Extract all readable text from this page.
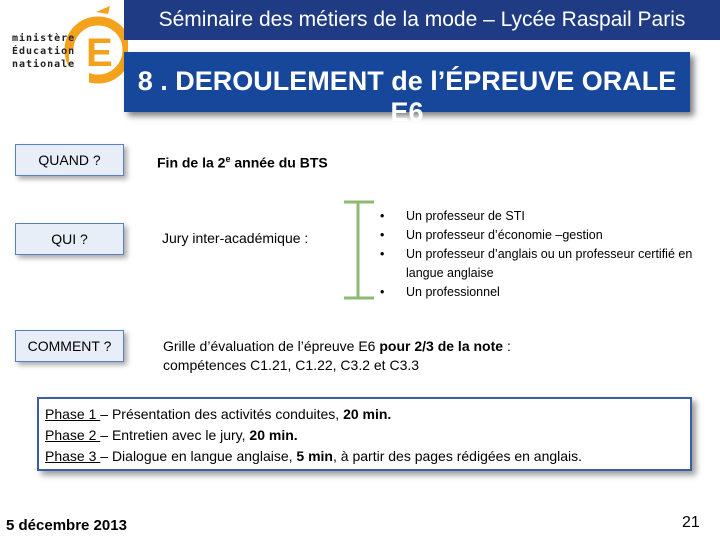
E
ministère
Éducation
nationale
Séminaire des métiers de la mode – Lycée Raspail Paris
8 . DEROULEMENT de l’ÉPREUVE ORALE E6
QUAND ?	Fin de la 2e année du BTS
QUI ?	Jury inter-académique :
• Un professeur de STI
• Un professeur d’économie –gestion
• Un professeur d’anglais ou un professeur certifié en langue anglaise
• Un professionnel
COMMENT ?	Grille d’évaluation de l’épreuve E6 pour 2/3 de la note :
compétences C1.21, C1.22, C3.2 et C3.3
Phase 1 – Présentation des activités conduites, 20 min.
Phase 2 – Entretien avec le jury, 20 min.
Phase 3 – Dialogue en langue anglaise, 5 min, à partir des pages rédigées en anglais.
5 décembre 2013	21
